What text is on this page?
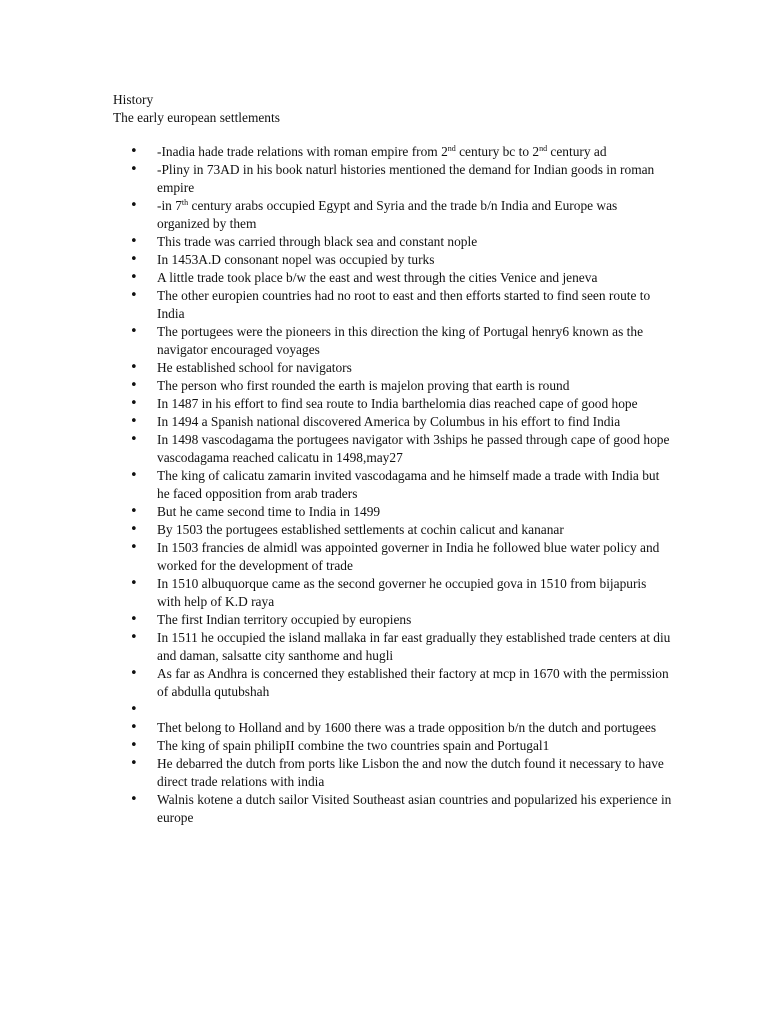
History
The early european settlements
• -Inadia hade trade relations with roman empire from 2nd century bc to 2nd century ad
• -Pliny in 73AD in his book naturl histories mentioned the demand for Indian goods in roman empire
• -in 7th century arabs occupied Egypt and Syria and the trade b/n India and Europe was organized by them
• This trade was carried through black sea and constant nople
• In 1453A.D consonant nopel was occupied by turks
• A little trade took place b/w the east and west through the cities Venice and jeneva
• The other europien countries had no root to east and then efforts started to find seen route to India
• The portugees were the pioneers in this direction the king of Portugal henry6 known as the navigator encouraged voyages
• He established school for navigators
• The person who first rounded the earth is majelon proving that earth is round
• In 1487 in his effort to find sea route to India barthelomia dias reached cape of good hope
• In 1494 a Spanish national discovered America by Columbus in his effort to find India
• In 1498 vascodagama the portugees navigator with 3ships he passed through cape of good hope vascodagama reached calicatu in 1498,may27
• The king of calicatu zamarin invited vascodagama and he himself made a trade with India but he faced opposition from arab traders
• But he came second time to India in 1499
• By 1503 the portugees established settlements at cochin calicut and kananar
• In 1503 francies de almidl was appointed governer in India he followed blue water policy and worked for the development of trade
• In 1510 albuquorque came as the second governer he occupied gova in 1510 from bijapuris with help of K.D raya
• The first Indian territory occupied by europiens
• In 1511 he occupied the island mallaka in far east gradually they established trade centers at diu and daman, salsatte city santhome and hugli
• As far as Andhra is concerned they established their factory at mcp in 1670 with the permission of abdulla qutubshah
•
• Thet belong to Holland and by 1600 there was a trade opposition b/n the dutch and portugees
• The king of spain philipII combine the two countries spain and Portugal1
• He debarred the dutch from ports like Lisbon the and now the dutch found it necessary to have direct trade relations with india
• Walnis kotene a dutch sailor Visited Southeast asian countries and popularized his experience in europe
